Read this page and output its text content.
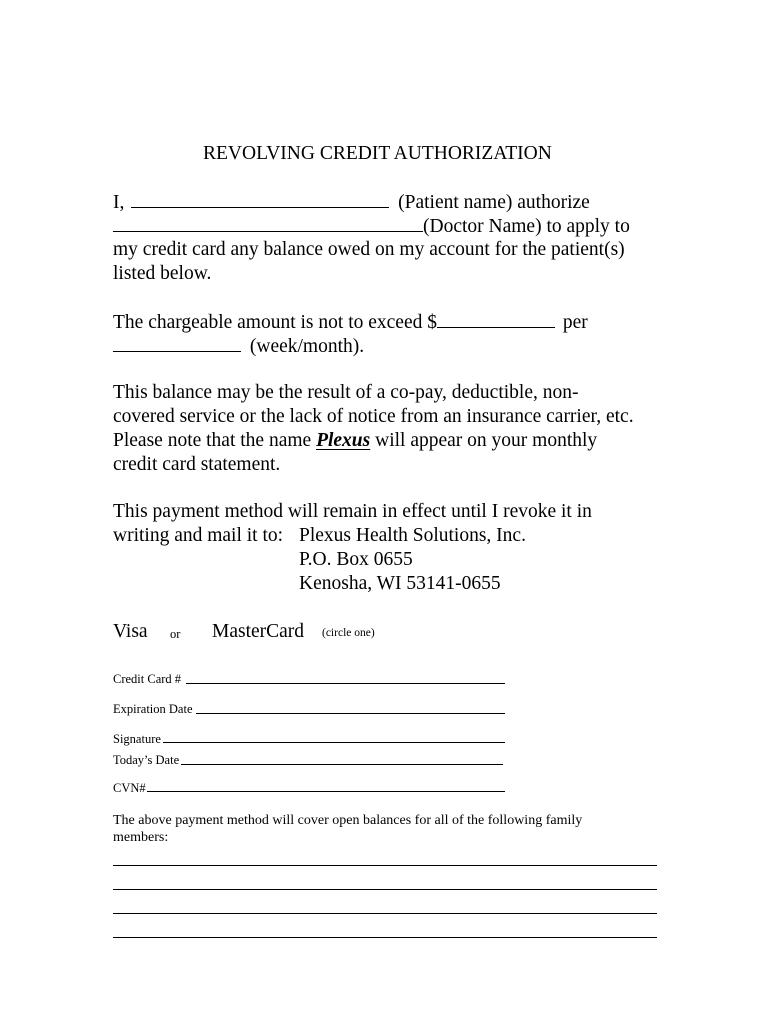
REVOLVING CREDIT AUTHORIZATION
I,	(Patient name) authorize
(Doctor Name) to apply to
my credit card any balance owed on my account for the patient(s)
listed below.
The chargeable amount is not to exceed $	per
(week/month).
This balance may be the result of a co-pay, deductible, non-
covered service or the lack of notice from an insurance carrier, etc.
Please note that the name Plexus will appear on your monthly
credit card statement.
This payment method will remain in effect until I revoke it in
writing and mail it to: Plexus Health Solutions, Inc.
P.O. Box 0655
Kenosha, WI 53141-0655
Visa or MasterCard (circle one)
Credit Card #
Expiration Date
Signature
Today’s Date
CVN#
The above payment method will cover open balances for all of the following family
members:
